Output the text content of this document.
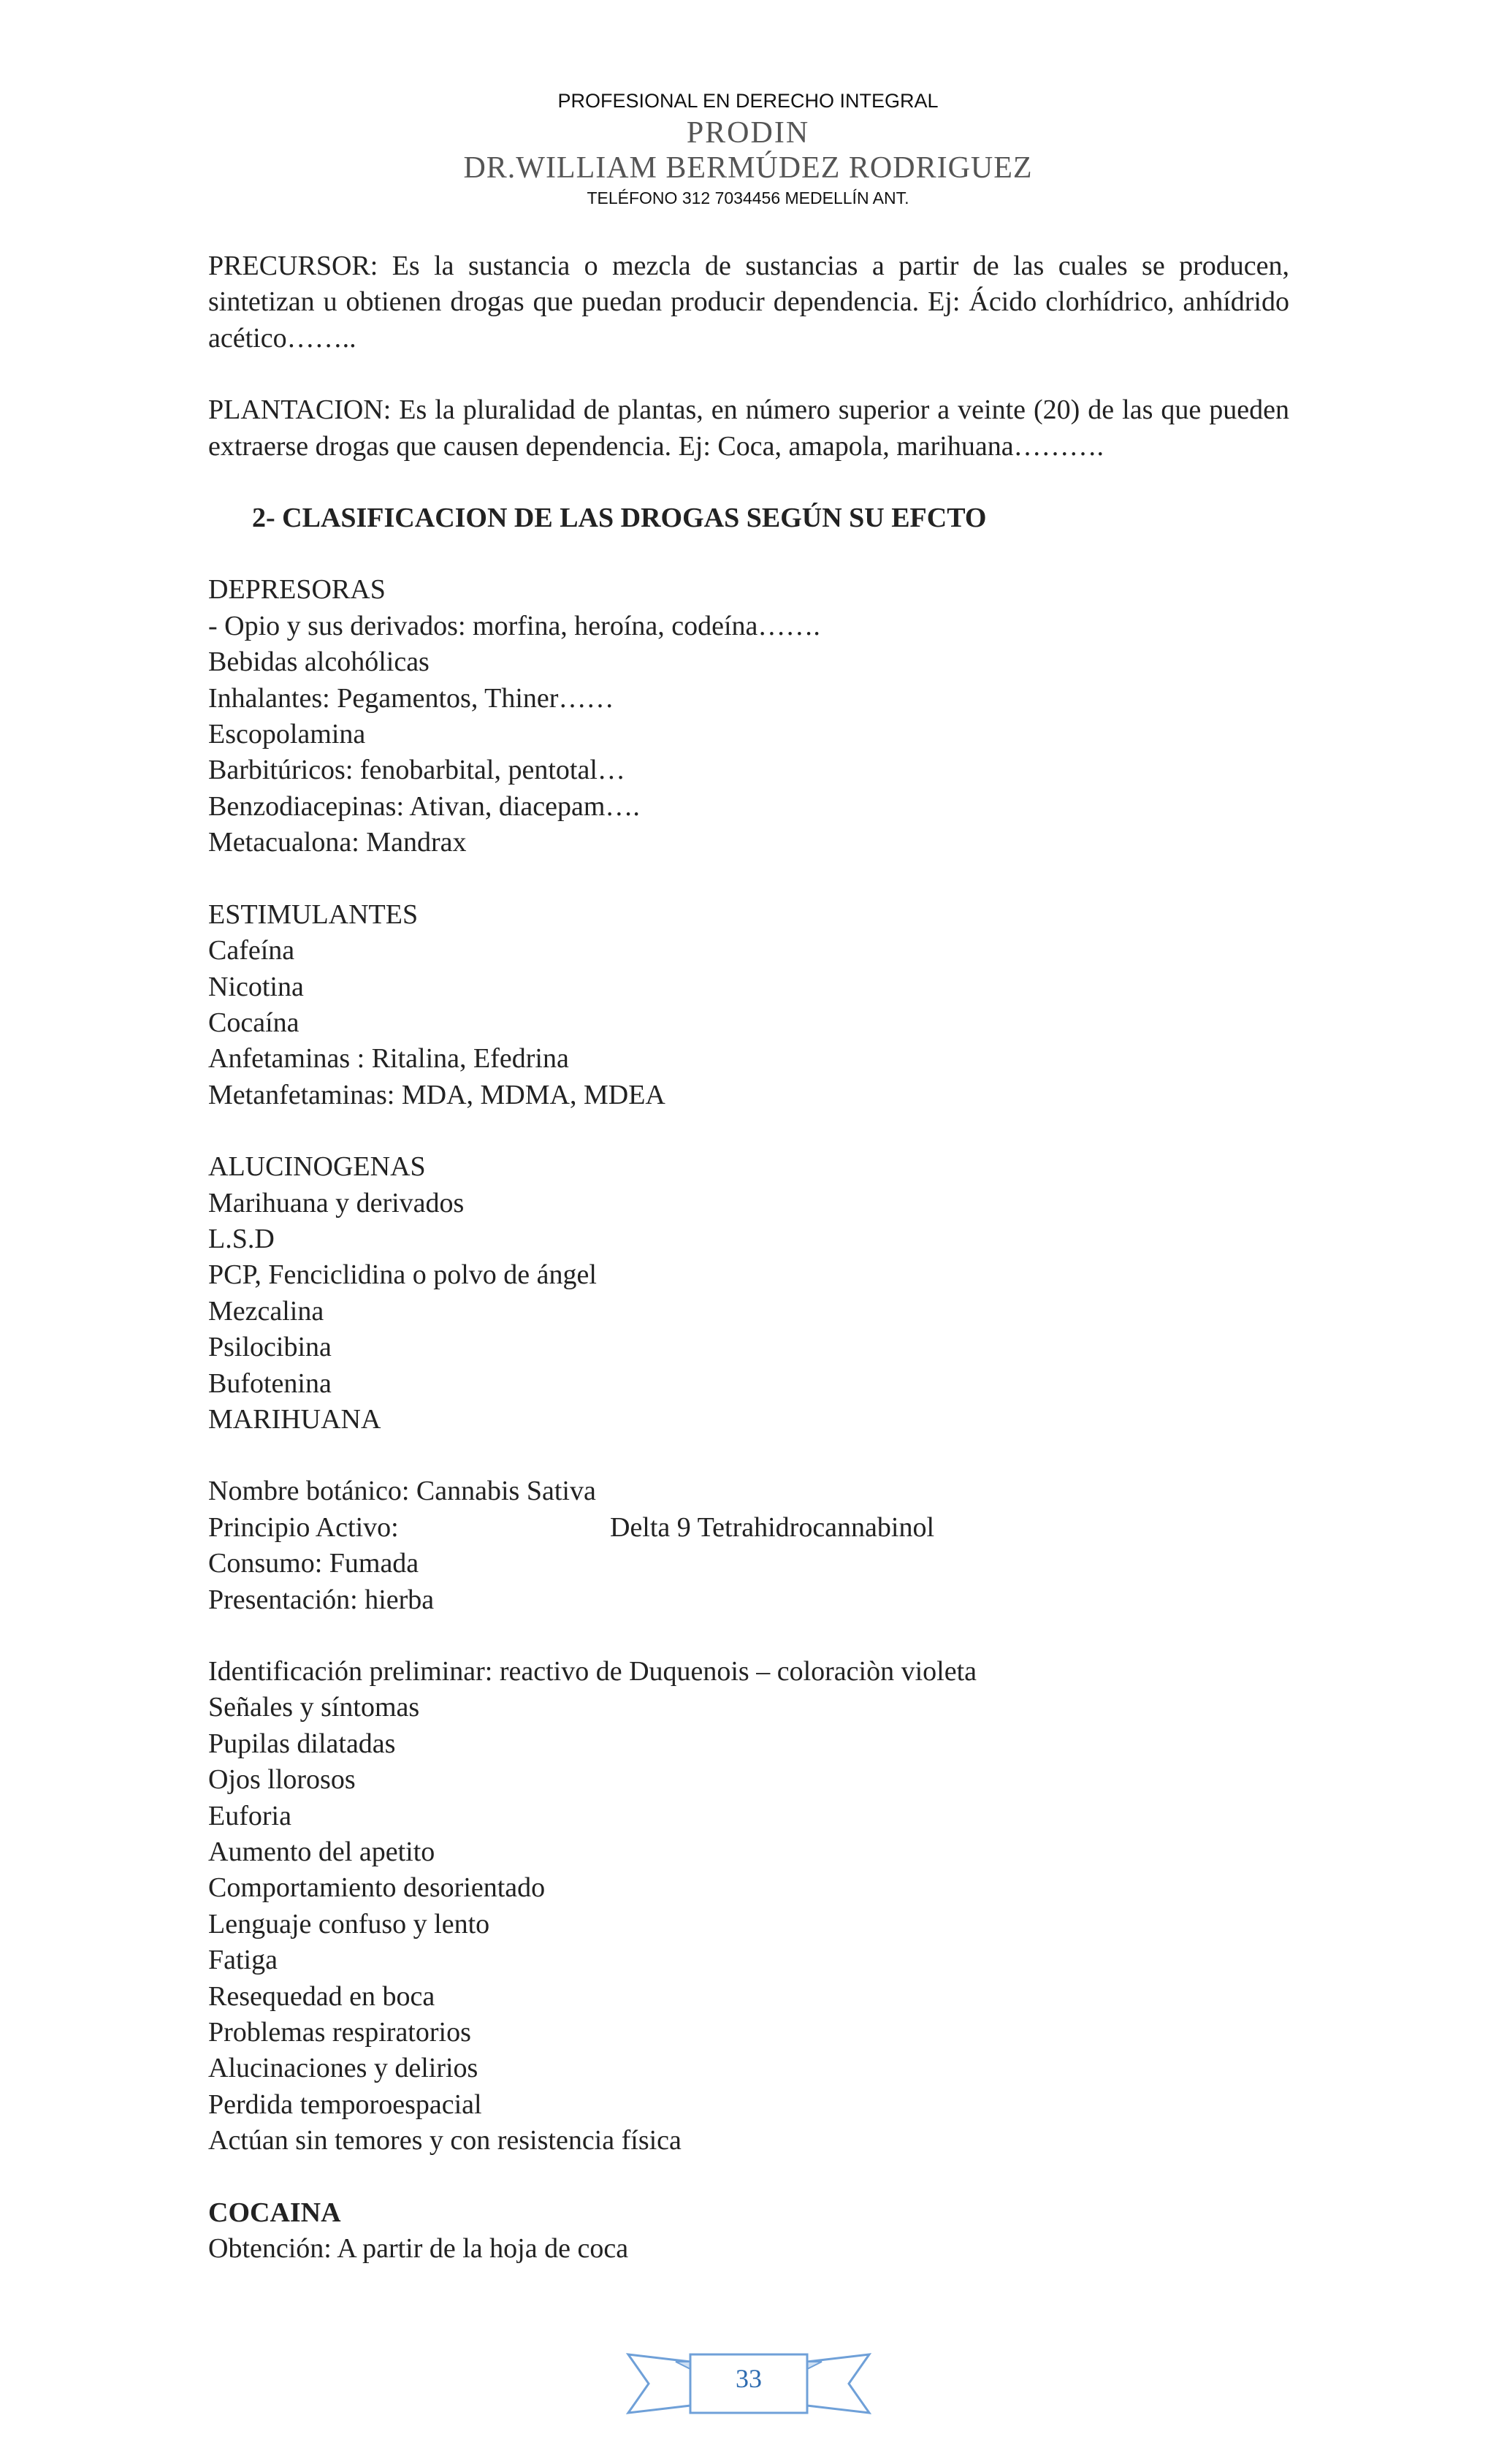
PROFESIONAL EN DERECHO INTEGRAL
PRODIN
DR.WILLIAM BERMÚDEZ RODRIGUEZ
TELÉFONO 312 7034456 MEDELLÍN ANT.

PRECURSOR: Es la sustancia o mezcla de sustancias a partir de las cuales se producen, sintetizan u obtienen drogas que puedan producir dependencia. Ej: Ácido clorhídrico, anhídrido acético……..

PLANTACION: Es la pluralidad de plantas, en número superior a veinte (20) de las que pueden extraerse drogas que causen dependencia. Ej: Coca, amapola, marihuana……….

2- CLASIFICACION DE LAS DROGAS SEGÚN SU EFCTO
DEPRESORAS
- Opio y sus derivados: morfina, heroína, codeína…….
Bebidas alcohólicas
Inhalantes: Pegamentos, Thiner……
Escopolamina
Barbitúricos: fenobarbital, pentotal…
Benzodiacepinas: Ativan, diacepam….
Metacualona: Mandrax
ESTIMULANTES
Cafeína
Nicotina
Cocaína
Anfetaminas : Ritalina, Efedrina
Metanfetaminas: MDA, MDMA, MDEA
ALUCINOGENAS
Marihuana y derivados
L.S.D
PCP, Fenciclidina o polvo de ángel
Mezcalina
Psilocibina
Bufotenina
MARIHUANA
Nombre botánico: Cannabis Sativa
Principio Activo:	Delta 9 Tetrahidrocannabinol
Consumo: Fumada
Presentación: hierba
Identificación preliminar: reactivo de Duquenois – coloraciòn violeta
Señales y síntomas
Pupilas dilatadas
Ojos llorosos
Euforia
Aumento del apetito
Comportamiento desorientado
Lenguaje confuso y lento
Fatiga
Resequedad en boca
Problemas respiratorios
Alucinaciones y delirios
Perdida temporoespacial
Actúan sin temores y con resistencia física
COCAINA
Obtención: A partir de la hoja de coca
33
